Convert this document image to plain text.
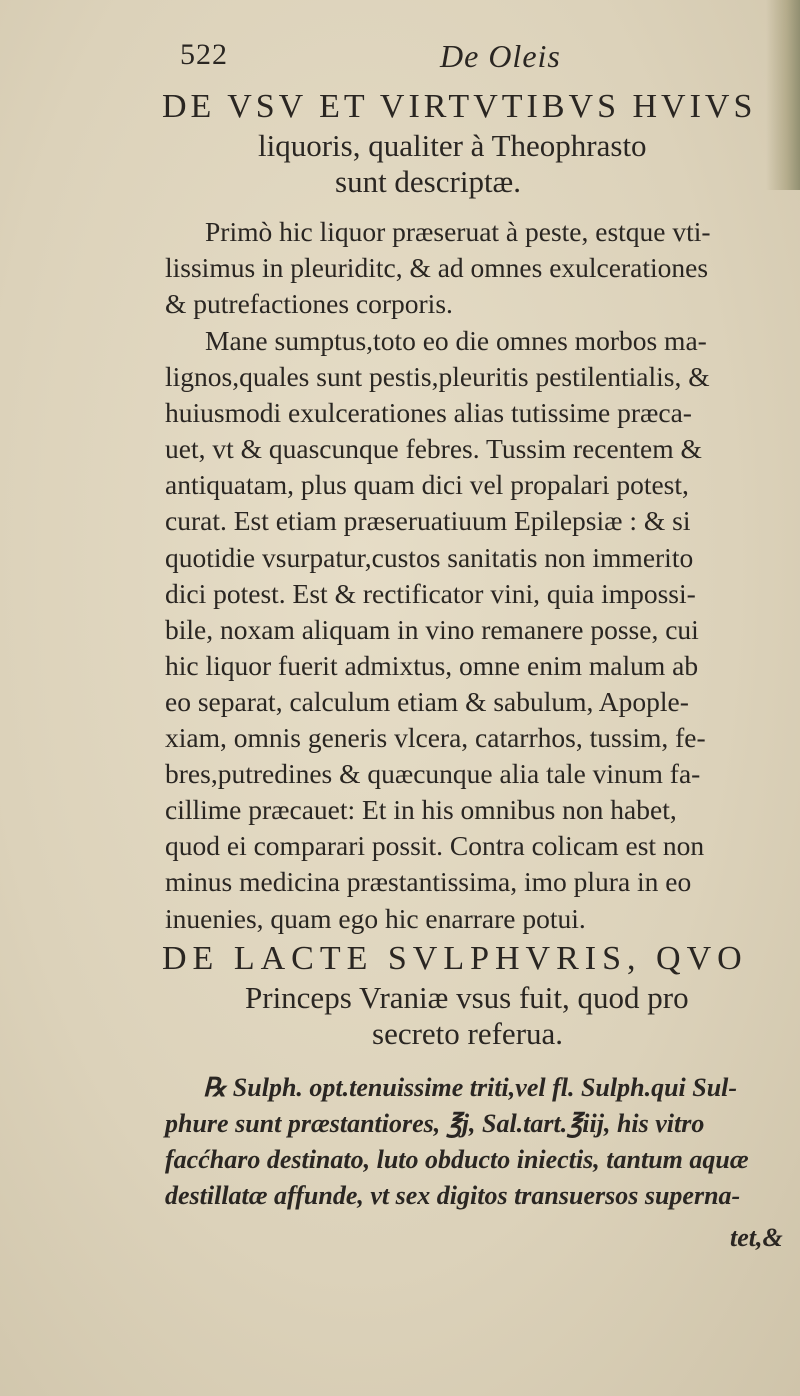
522	De Oleis
DE VSV ET VIRTVTIBVS HVIVS
liquoris, qualiter à Theophrasto
sunt descriptæ.
Primò hic liquor præseruat à peste, estque vti-
lissimus in pleuriditc, & ad omnes exulcerationes
& putrefactiones corporis.
Mane sumptus,toto eo die omnes morbos ma-
lignos,quales sunt pestis,pleuritis pestilentialis, &
huiusmodi exulcerationes alias tutissime præca-
uet, vt & quascunque febres. Tussim recentem &
antiquatam, plus quam dici vel propalari potest,
curat. Est etiam præseruatiuum Epilepsiæ : & si
quotidie vsurpatur,custos sanitatis non immerito
dici potest. Est & rectificator vini, quia impossi-
bile, noxam aliquam in vino remanere posse, cui
hic liquor fuerit admixtus, omne enim malum ab
eo separat, calculum etiam & sabulum, Apople-
xiam, omnis generis vlcera, catarrhos, tussim, fe-
bres,putredines & quæcunque alia tale vinum fa-
cillime præcauet: Et in his omnibus non habet,
quod ei comparari possit. Contra colicam est non
minus medicina præstantissima, imo plura in eo
inuenies, quam ego hic enarrare potui.
DE LACTE SVLPHVRIS, QVO
Princeps Vraniæ vsus fuit, quod pro
secreto referua.
℞ Sulph. opt.tenuissime triti,vel fl. Sulph.qui Sul-
phure sunt præstantiores, ℥j, Sal.tart.℥iij, his vitro
facćharo destinato, luto obducto iniectis, tantum aquæ
destillatæ affunde, vt sex digitos transuersos superna-
tet,&
